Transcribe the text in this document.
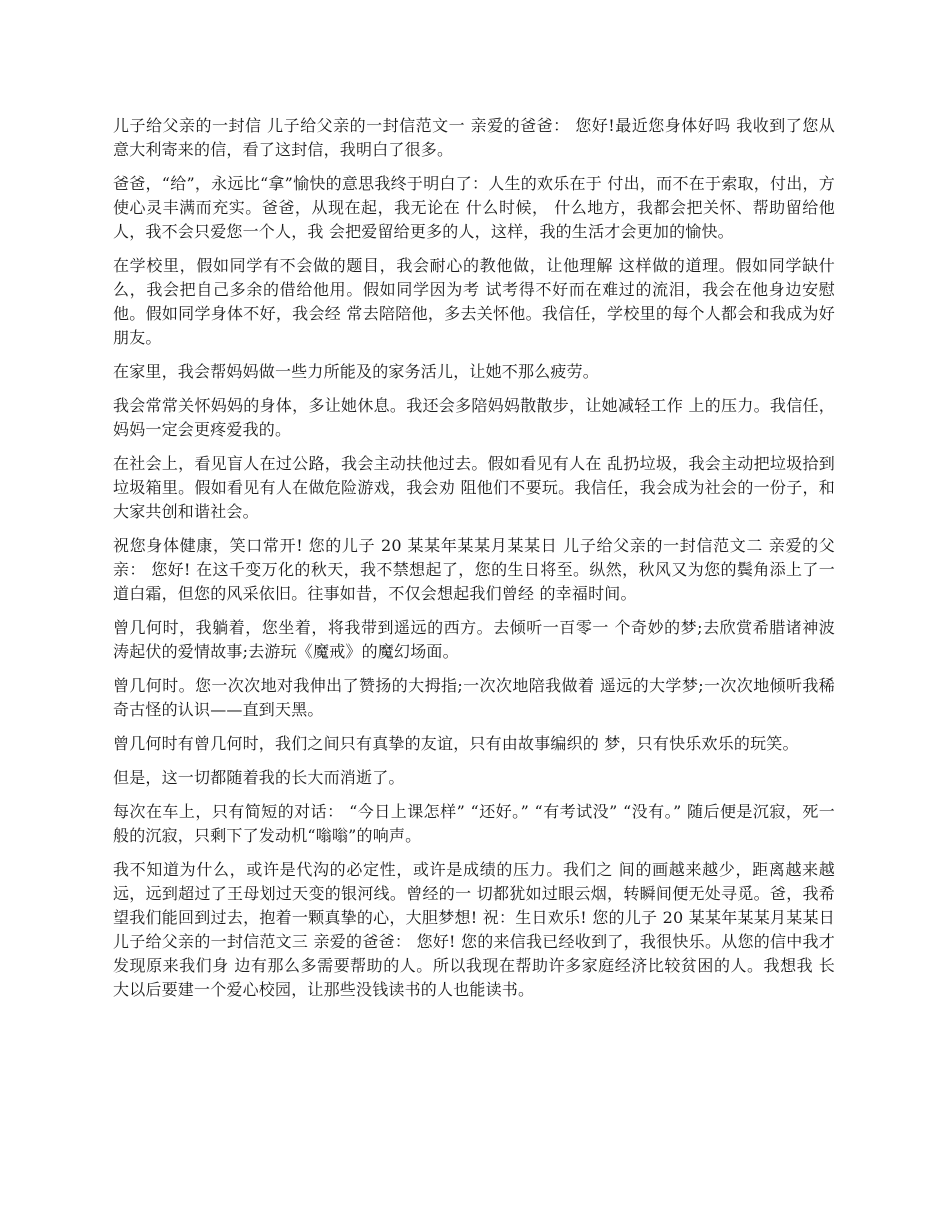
儿子给父亲的一封信 儿子给父亲的一封信范文一 亲爱的爸爸： 您好!最近您身体好吗 我收到了您从意大利寄来的信，看了这封信，我明白了很多。

爸爸，“给”，永远比“拿”愉快的意思我终于明白了：人生的欢乐在于 付出，而不在于索取，付出，方使心灵丰满而充实。爸爸，从现在起，我无论在 什么时候， 什么地方，我都会把关怀、帮助留给他人，我不会只爱您一个人，我 会把爱留给更多的人，这样，我的生活才会更加的愉快。

在学校里，假如同学有不会做的题目，我会耐心的教他做，让他理解 这样做的道理。假如同学缺什么，我会把自己多余的借给他用。假如同学因为考 试考得不好而在难过的流泪，我会在他身边安慰他。假如同学身体不好，我会经 常去陪陪他，多去关怀他。我信任，学校里的每个人都会和我成为好朋友。

在家里，我会帮妈妈做一些力所能及的家务活儿，让她不那么疲劳。

我会常常关怀妈妈的身体，多让她休息。我还会多陪妈妈散散步，让她减轻工作 上的压力。我信任，妈妈一定会更疼爱我的。

在社会上，看见盲人在过公路，我会主动扶他过去。假如看见有人在 乱扔垃圾，我会主动把垃圾拾到垃圾箱里。假如看见有人在做危险游戏，我会劝 阻他们不要玩。我信任，我会成为社会的一份子，和大家共创和谐社会。

祝您身体健康，笑口常开! 您的儿子 20 某某年某某月某某日 儿子给父亲的一封信范文二 亲爱的父亲： 您好! 在这千变万化的秋天，我不禁想起了，您的生日将至。纵然，秋风又为您的鬓角添上了一道白霜，但您的风采依旧。往事如昔，不仅会想起我们曾经 的幸福时间。

曾几何时，我躺着，您坐着，将我带到遥远的西方。去倾听一百零一 个奇妙的梦;去欣赏希腊诸神波涛起伏的爱情故事;去游玩《魔戒》的魔幻场面。

曾几何时。您一次次地对我伸出了赞扬的大拇指;一次次地陪我做着 遥远的大学梦;一次次地倾听我稀奇古怪的认识——直到天黑。

曾几何时有曾几何时，我们之间只有真挚的友谊，只有由故事编织的 梦，只有快乐欢乐的玩笑。

但是，这一切都随着我的长大而消逝了。

每次在车上，只有简短的对话： “今日上课怎样” “还好。” “有考试没” “没有。” 随后便是沉寂，死一般的沉寂，只剩下了发动机“嗡嗡”的响声。

我不知道为什么，或许是代沟的必定性，或许是成绩的压力。我们之 间的画越来越少，距离越来越远，远到超过了王母划过天变的银河线。曾经的一 切都犹如过眼云烟，转瞬间便无处寻觅。爸，我希望我们能回到过去，抱着一颗真挚的心，大胆梦想! 祝：生日欢乐! 您的儿子 20 某某年某某月某某日 儿子给父亲的一封信范文三 亲爱的爸爸： 您好! 您的来信我已经收到了，我很快乐。从您的信中我才发现原来我们身 边有那么多需要帮助的人。所以我现在帮助许多家庭经济比较贫困的人。我想我 长大以后要建一个爱心校园，让那些没钱读书的人也能读书。
